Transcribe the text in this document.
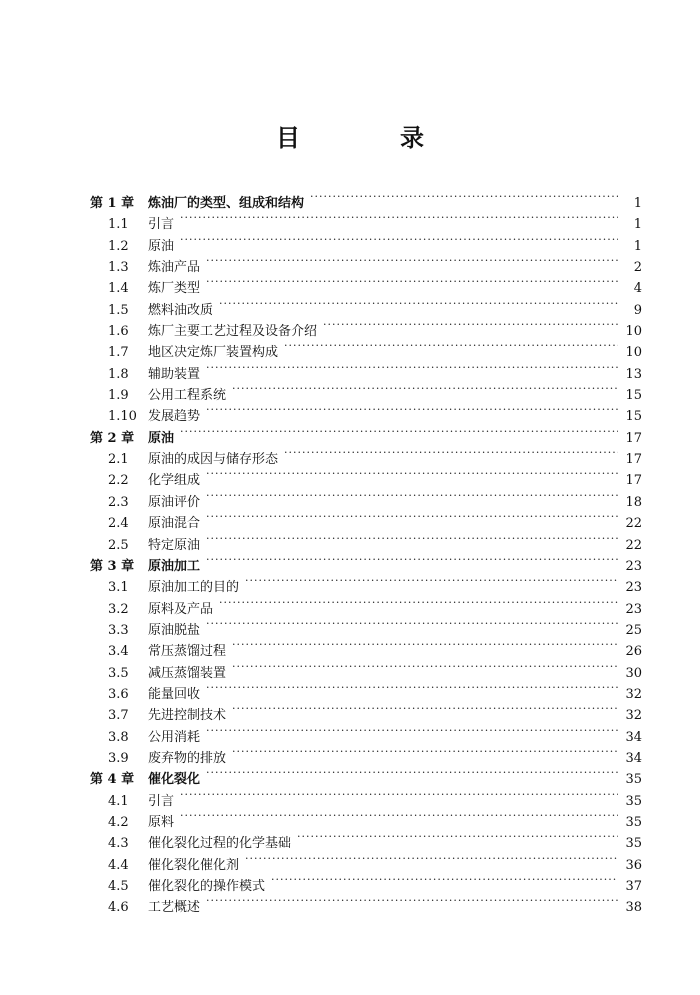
目　录
第 1 章	炼油厂的类型、组成和结构 ·····	1
1.1	引言 ·····	1
1.2	原油 ·····	1
1.3	炼油产品 ·····	2
1.4	炼厂类型 ·····	4
1.5	燃料油改质 ·····	9
1.6	炼厂主要工艺过程及设备介绍 ·····	10
1.7	地区决定炼厂装置构成 ·····	10
1.8	辅助装置 ·····	13
1.9	公用工程系统 ·····	15
1.10 发展趋势 ·····	15
第 2 章	原油 ·····	17
2.1	原油的成因与储存形态 ·····	17
2.2	化学组成 ·····	17
2.3	原油评价 ·····	18
2.4	原油混合 ·····	22
2.5	特定原油 ·····	22
第 3 章	原油加工 ·····	23
3.1	原油加工的目的 ·····	23
3.2	原料及产品 ·····	23
3.3	原油脱盐 ·····	25
3.4	常压蒸馏过程 ·····	26
3.5	减压蒸馏装置 ·····	30
3.6	能量回收 ·····	32
3.7	先进控制技术 ·····	32
3.8	公用消耗 ·····	34
3.9	废弃物的排放 ·····	34
第 4 章	催化裂化 ·····	35
4.1	引言 ·····	35
4.2	原料 ·····	35
4.3	催化裂化过程的化学基础 ·····	35
4.4	催化裂化催化剂 ·····	36
4.5	催化裂化的操作模式 ·····	37
4.6	工艺概述 ·····	38
